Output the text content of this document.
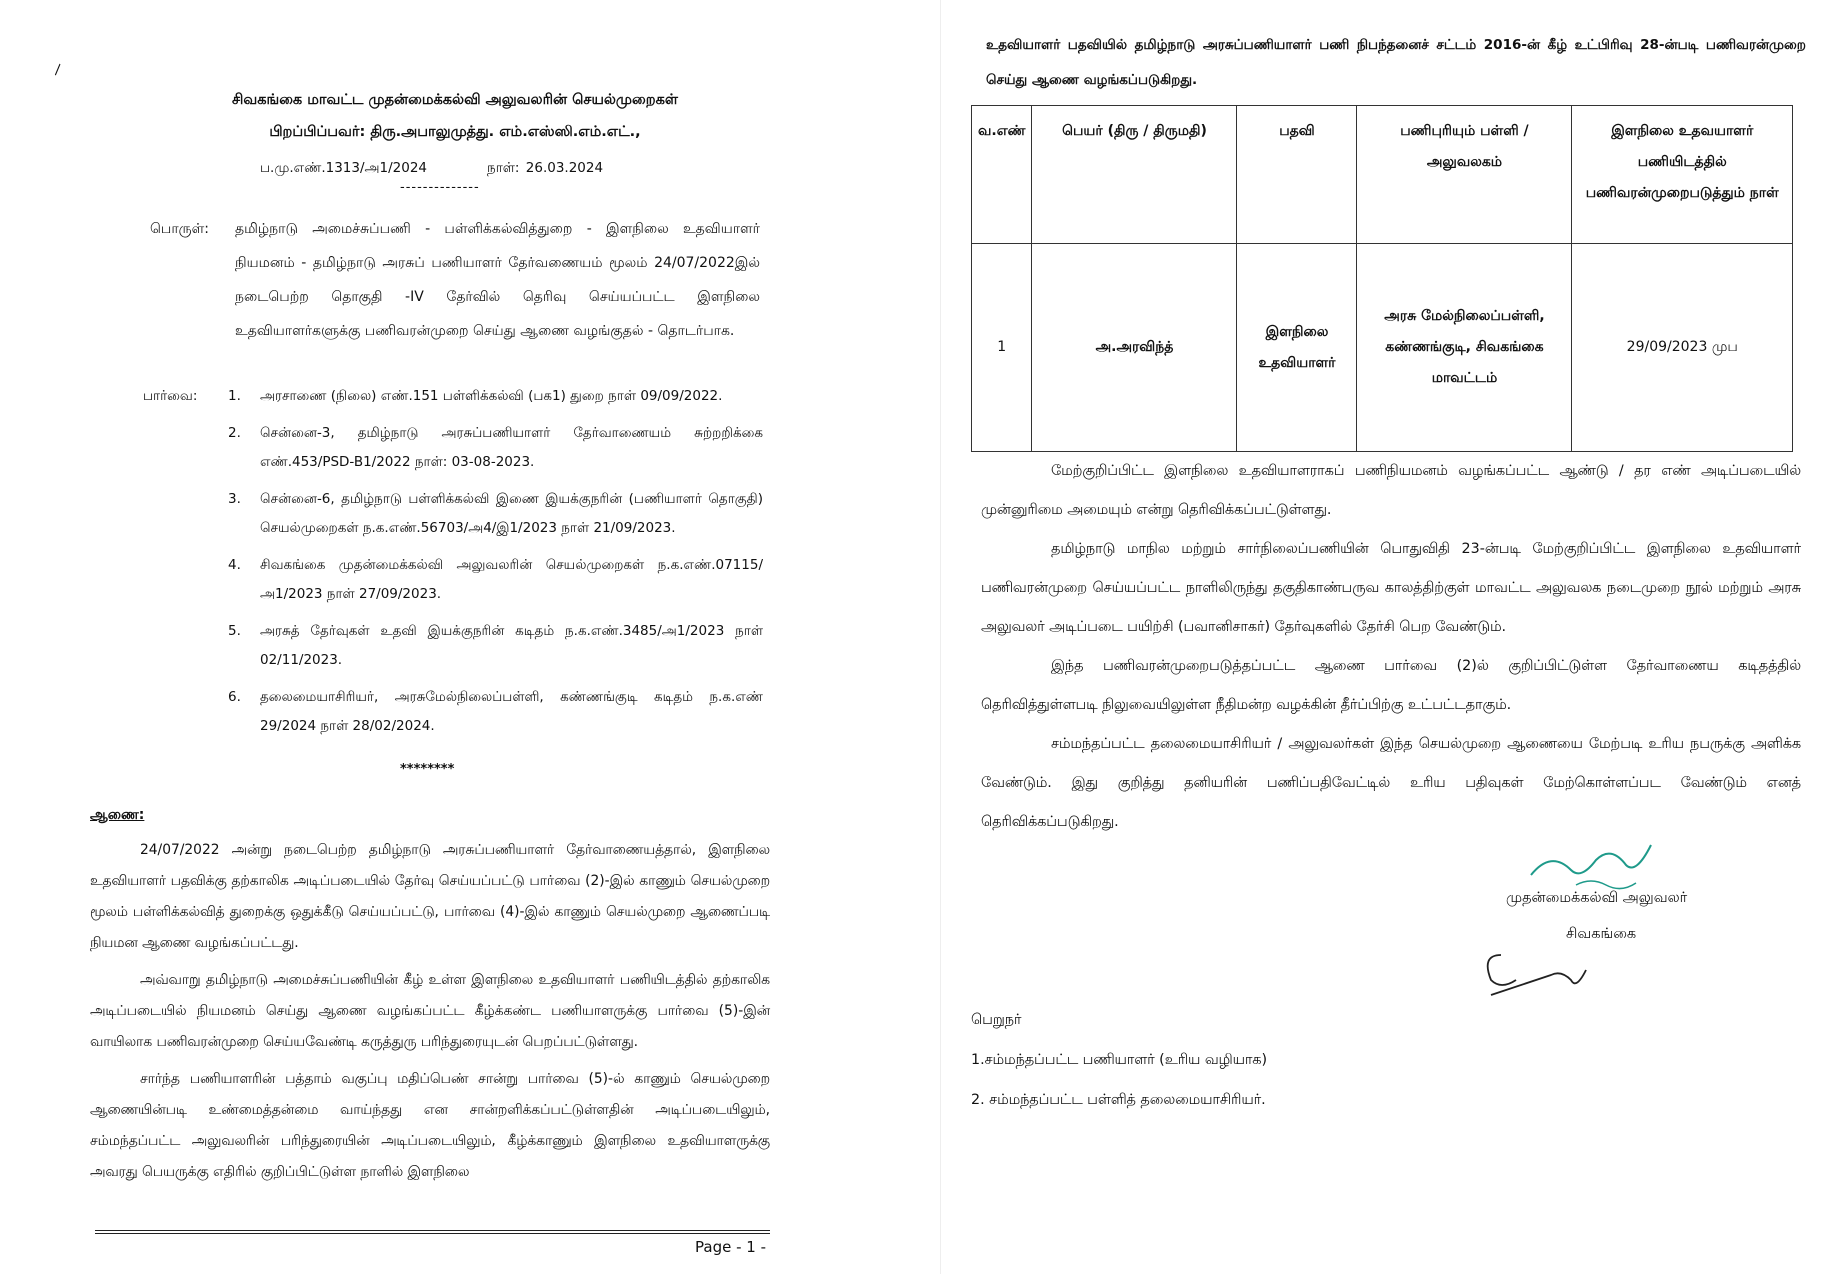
\
சிவகங்கை மாவட்ட முதன்மைக்கல்வி அலுவலரின் செயல்முறைகள்
பிறப்பிப்பவர்: திரு.அபாலுமுத்து. எம்.எஸ்ஸி.எம்.எட்.,
ப.மு.எண்.1313/அ1/2024	நாள்: 26.03.2024
--------------
பொருள்:	தமிழ்நாடு அமைச்சுப்பணி - பள்ளிக்கல்வித்துறை - இளநிலை உதவியாளர் நியமனம் - தமிழ்நாடு அரசுப் பணியாளர் தேர்வணையம் மூலம் 24/07/2022இல் நடைபெற்ற தொகுதி -IV தேர்வில் தெரிவு செய்யப்பட்ட இளநிலை உதவியாளர்களுக்கு பணிவரன்முறை செய்து ஆணை வழங்குதல் - தொடர்பாக.

பார்வை:	1.	அரசாணை (நிலை) எண்.151 பள்ளிக்கல்வி (பக1) துறை நாள் 09/09/2022.

2.	சென்னை-3, தமிழ்நாடு அரசுப்பணியாளர் தேர்வாணையம் சுற்றறிக்கை எண்.453/PSD-B1/2022 நாள்: 03-08-2023.

3.	சென்னை-6, தமிழ்நாடு பள்ளிக்கல்வி இணை இயக்குநரின் (பணியாளர் தொகுதி) செயல்முறைகள் ந.க.எண்.56703/அ4/இ1/2023 நாள் 21/09/2023.

4.	சிவகங்கை முதன்மைக்கல்வி அலுவலரின் செயல்முறைகள் ந.க.எண்.07115/அ1/2023 நாள் 27/09/2023.

5.	அரசுத் தேர்வுகள் உதவி இயக்குநரின் கடிதம் ந.க.எண்.3485/அ1/2023 நாள் 02/11/2023.

6.	தலைமையாசிரியர், அரசுமேல்நிலைப்பள்ளி, கண்ணங்குடி கடிதம் ந.க.எண் 29/2024 நாள் 28/02/2024.

********
ஆணை:

24/07/2022 அன்று நடைபெற்ற தமிழ்நாடு அரசுப்பணியாளர் தேர்வாணையத்தால், இளநிலை உதவியாளர் பதவிக்கு தற்காலிக அடிப்படையில் தேர்வு செய்யப்பட்டு பார்வை (2)-இல் காணும் செயல்முறை மூலம் பள்ளிக்கல்வித் துறைக்கு ஒதுக்கீடு செய்யப்பட்டு, பார்வை (4)-இல் காணும் செயல்முறை ஆணைப்படி நியமன ஆணை வழங்கப்பட்டது.

அவ்வாறு தமிழ்நாடு அமைச்சுப்பணியின் கீழ் உள்ள இளநிலை உதவியாளர் பணியிடத்தில் தற்காலிக அடிப்படையில் நியமனம் செய்து ஆணை வழங்கப்பட்ட கீழ்க்கண்ட பணியாளருக்கு பார்வை (5)-இன் வாயிலாக பணிவரன்முறை செய்யவேண்டி கருத்துரு பரிந்துரையுடன் பெறப்பட்டுள்ளது.

சார்ந்த பணியாளரின் பத்தாம் வகுப்பு மதிப்பெண் சான்று பார்வை (5)-ல் காணும் செயல்முறை ஆணையின்படி உண்மைத்தன்மை வாய்ந்தது என சான்றளிக்கப்பட்டுள்ளதின் அடிப்படையிலும், சம்மந்தப்பட்ட அலுவலரின் பரிந்துரையின் அடிப்படையிலும், கீழ்க்காணும் இளநிலை உதவியாளருக்கு அவரது பெயருக்கு எதிரில் குறிப்பிட்டுள்ள நாளில் இளநிலை

Page - 1 -

உதவியாளர் பதவியில் தமிழ்நாடு அரசுப்பணியாளர் பணி நிபந்தனைச் சட்டம் 2016-ன் கீழ் உட்பிரிவு 28-ன்படி பணிவரன்முறை செய்து ஆணை வழங்கப்படுகிறது.

வ.எண்	பெயர் (திரு / திருமதி)	பதவி	பணிபுரியும் பள்ளி / அலுவலகம்	இளநிலை உதவயாளர் பணியிடத்தில் பணிவரன்முறைபடுத்தும் நாள்
1	அ.அரவிந்த்	இளநிலை உதவியாளர்	அரசு மேல்நிலைப்பள்ளி, கண்ணங்குடி, சிவகங்கை மாவட்டம்	29/09/2023 முப

மேற்குறிப்பிட்ட இளநிலை உதவியாளராகப் பணிநியமனம் வழங்கப்பட்ட ஆண்டு / தர எண் அடிப்படையில் முன்னுரிமை அமையும் என்று தெரிவிக்கப்பட்டுள்ளது.

தமிழ்நாடு மாநில மற்றும் சார்நிலைப்பணியின் பொதுவிதி 23-ன்படி மேற்குறிப்பிட்ட இளநிலை உதவியாளர் பணிவரன்முறை செய்யப்பட்ட நாளிலிருந்து தகுதிகாண்பருவ காலத்திற்குள் மாவட்ட அலுவலக நடைமுறை நூல் மற்றும் அரசு அலுவலர் அடிப்படை பயிற்சி (பவானிசாகர்) தேர்வுகளில் தேர்சி பெற வேண்டும்.

இந்த பணிவரன்முறைபடுத்தப்பட்ட ஆணை பார்வை (2)ல் குறிப்பிட்டுள்ள தேர்வாணைய கடிதத்தில் தெரிவித்துள்ளபடி நிலுவையிலுள்ள நீதிமன்ற வழக்கின் தீர்ப்பிற்கு உட்பட்டதாகும்.

சம்மந்தப்பட்ட தலைமையாசிரியர் / அலுவலர்கள் இந்த செயல்முறை ஆணையை மேற்படி உரிய நபருக்கு அளிக்க வேண்டும். இது குறித்து தனியரின் பணிப்பதிவேட்டில் உரிய பதிவுகள் மேற்கொள்ளப்பட வேண்டும் எனத் தெரிவிக்கப்படுகிறது.

முதன்மைக்கல்வி அலுவலர்
சிவகங்கை
பெறுநர்
1.சம்மந்தப்பட்ட பணியாளர் (உரிய வழியாக)
2. சம்மந்தப்பட்ட பள்ளித் தலைமையாசிரியர்.
